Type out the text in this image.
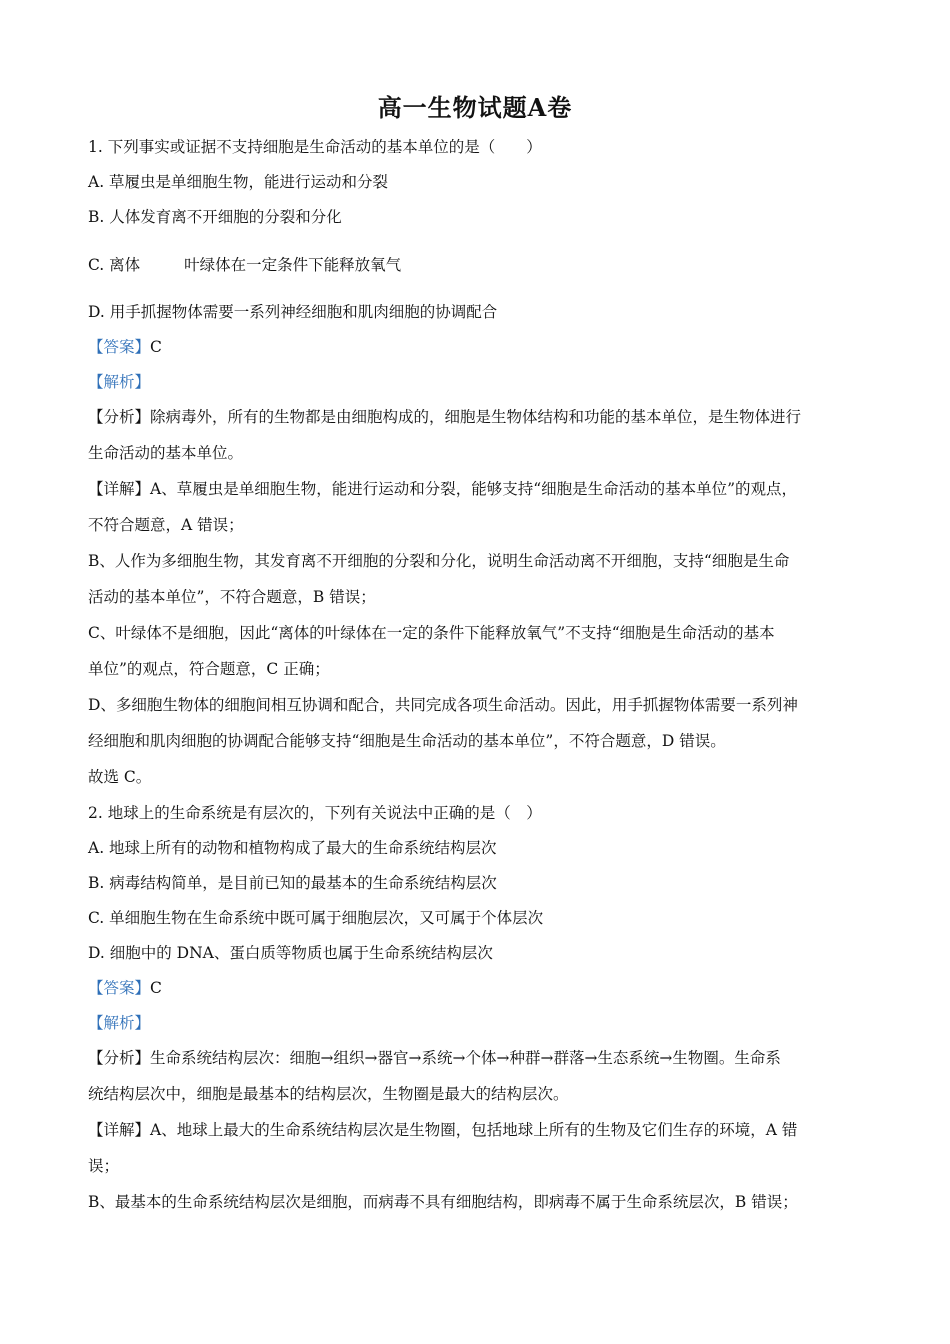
高一生物试题A卷
1. 下列事实或证据不支持细胞是生命活动的基本单位的是（　　）
A. 草履虫是单细胞生物，能进行运动和分裂
B. 人体发育离不开细胞的分裂和分化
C. 离体	叶绿体在一定条件下能释放氧气
D. 用手抓握物体需要一系列神经细胞和肌肉细胞的协调配合
【答案】C
【解析】
【分析】除病毒外，所有的生物都是由细胞构成的，细胞是生物体结构和功能的基本单位，是生物体进行
生命活动的基本单位。
【详解】A、草履虫是单细胞生物，能进行运动和分裂，能够支持“细胞是生命活动的基本单位”的观点，
不符合题意，A 错误；
B、人作为多细胞生物，其发育离不开细胞的分裂和分化，说明生命活动离不开细胞，支持“细胞是生命
活动的基本单位”，不符合题意，B 错误；
C、叶绿体不是细胞，因此“离体的叶绿体在一定的条件下能释放氧气”不支持“细胞是生命活动的基本
单位”的观点，符合题意，C 正确；
D、多细胞生物体的细胞间相互协调和配合，共同完成各项生命活动。因此，用手抓握物体需要一系列神
经细胞和肌肉细胞的协调配合能够支持“细胞是生命活动的基本单位”，不符合题意，D 错误。
故选 C。
2. 地球上的生命系统是有层次的，下列有关说法中正确的是（　）
A. 地球上所有的动物和植物构成了最大的生命系统结构层次
B. 病毒结构简单，是目前已知的最基本的生命系统结构层次
C. 单细胞生物在生命系统中既可属于细胞层次，又可属于个体层次
D. 细胞中的 DNA、蛋白质等物质也属于生命系统结构层次
【答案】C
【解析】
【分析】生命系统结构层次：细胞→组织→器官→系统→个体→种群→群落→生态系统→生物圈。生命系
统结构层次中，细胞是最基本的结构层次，生物圈是最大的结构层次。
【详解】A、地球上最大的生命系统结构层次是生物圈，包括地球上所有的生物及它们生存的环境，A 错
误；
B、最基本的生命系统结构层次是细胞，而病毒不具有细胞结构，即病毒不属于生命系统层次，B 错误；
